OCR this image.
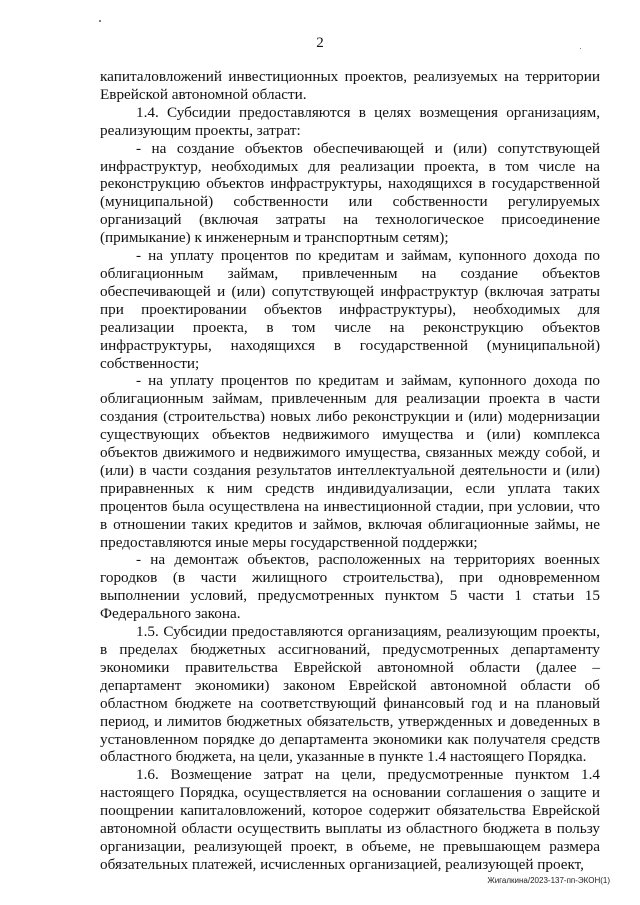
2

капиталовложений инвестиционных проектов, реализуемых на территории Еврейской автономной области.

1.4. Субсидии предоставляются в целях возмещения организациям, реализующим проекты, затрат:

- на создание объектов обеспечивающей и (или) сопутствующей инфраструктур, необходимых для реализации проекта, в том числе на реконструкцию объектов инфраструктуры, находящихся в государственной (муниципальной) собственности или собственности регулируемых организаций (включая затраты на технологическое присоединение (примыкание) к инженерным и транспортным сетям);

- на уплату процентов по кредитам и займам, купонного дохода по облигационным займам, привлеченным на создание объектов обеспечивающей и (или) сопутствующей инфраструктур (включая затраты при проектировании объектов инфраструктуры), необходимых для реализации проекта, в том числе на реконструкцию объектов инфраструктуры, находящихся в государственной (муниципальной) собственности;

- на уплату процентов по кредитам и займам, купонного дохода по облигационным займам, привлеченным для реализации проекта в части создания (строительства) новых либо реконструкции и (или) модернизации существующих объектов недвижимого имущества и (или) комплекса объектов движимого и недвижимого имущества, связанных между собой, и (или) в части создания результатов интеллектуальной деятельности и (или) приравненных к ним средств индивидуализации, если уплата таких процентов была осуществлена на инвестиционной стадии, при условии, что в отношении таких кредитов и займов, включая облигационные займы, не предоставляются иные меры государственной поддержки;

- на демонтаж объектов, расположенных на территориях военных городков (в части жилищного строительства), при одновременном выполнении условий, предусмотренных пунктом 5 части 1 статьи 15 Федерального закона.

1.5. Субсидии предоставляются организациям, реализующим проекты, в пределах бюджетных ассигнований, предусмотренных департаменту экономики правительства Еврейской автономной области (далее – департамент экономики) законом Еврейской автономной области об областном бюджете на соответствующий финансовый год и на плановый период, и лимитов бюджетных обязательств, утвержденных и доведенных в установленном порядке до департамента экономики как получателя средств областного бюджета, на цели, указанные в пункте 1.4 настоящего Порядка.

1.6. Возмещение затрат на цели, предусмотренные пунктом 1.4 настоящего Порядка, осуществляется на основании соглашения о защите и поощрении капиталовложений, которое содержит обязательства Еврейской автономной области осуществить выплаты из областного бюджета в пользу организации, реализующей проект, в объеме, не превышающем размера обязательных платежей, исчисленных организацией, реализующей проект,

Жигалкина/2023-137-пп-ЭКОН(1)
